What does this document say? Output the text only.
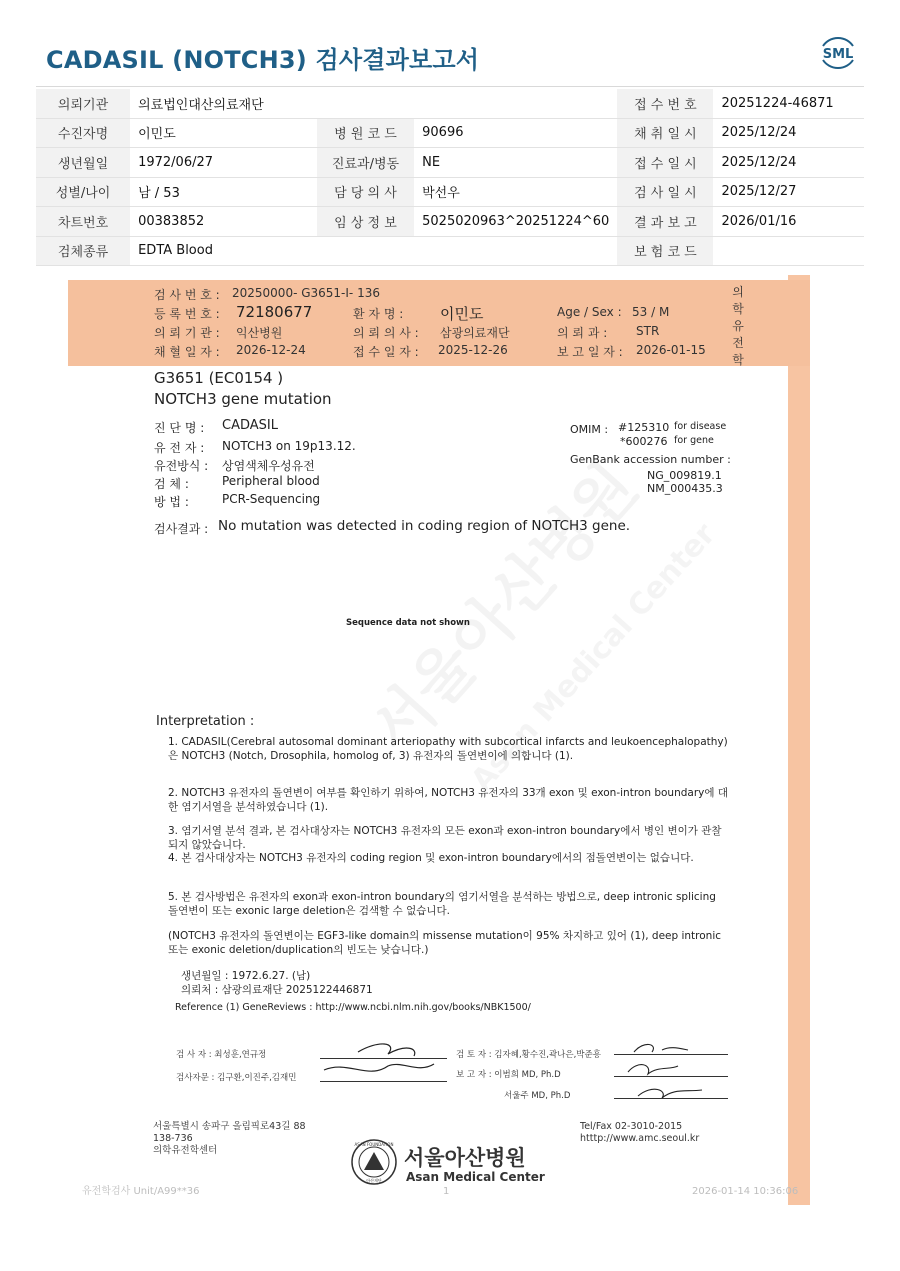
CADASIL (NOTCH3) 검사결과보고서	SML
의뢰기관	의료법인대산의료재단			접 수 번 호	20251224-46871
수진자명	이민도	병 원 코 드	90696	채 취 일 시	2025/12/24
생년월일	1972/06/27	진료과/병동	NE	접 수 일 시	2025/12/24
성별/나이	남 / 53	담 당 의 사	박선우	검 사 일 시	2025/12/27
차트번호	00383852	임 상 정 보	5025020963^20251224^60	결 과 보 고	2026/01/16
검체종류	EDTA Blood			보 험 코 드	
검 사 번 호 : 20250000- G3651-I- 136
등 록 번 호 : 72180677	환 자 명 : 이민도	Age / Sex : 53 / M
의 뢰 기 관 : 익산병원	의 뢰 의 사 : 삼광의료재단	의 뢰 과 : STR
채 혈 일 자 : 2026-12-24	접 수 일 자 : 2025-12-26	보 고 일 자 : 2026-01-15
의
학
유
전
학
G3651 (EC0154 )
NOTCH3 gene mutation
진 단 명 : CADASIL
유 전 자 : NOTCH3 on 19p13.12.
유전방식 : 상염색체우성유전
검 체 :	Peripheral blood
방 법 :	PCR-Sequencing
OMIM : #125310 for disease
*600276 for gene
GenBank accession number :
NG_009819.1
NM_000435.3
검사결과 : No mutation was detected in coding region of NOTCH3 gene.
Sequence data not shown
Interpretation :
1. CADASIL(Cerebral autosomal dominant arteriopathy with subcortical infarcts and leukoencephalopathy)은 NOTCH3 (Notch, Drosophila, homolog of, 3) 유전자의 돌연변이에 의합니다 (1).
2. NOTCH3 유전자의 돌연변이 여부를 확인하기 위하여, NOTCH3 유전자의 33개 exon 및 exon-intron boundary에 대한 염기서열을 분석하였습니다 (1).
3. 염기서열 분석 결과, 본 검사대상자는 NOTCH3 유전자의 모든 exon과 exon-intron boundary에서 병인 변이가 관찰되지 않았습니다.
4. 본 검사대상자는 NOTCH3 유전자의 coding region 및 exon-intron boundary에서의 점돌연변이는 없습니다.
5. 본 검사방법은 유전자의 exon과 exon-intron boundary의 염기서열을 분석하는 방법으로, deep intronic splicing 돌연변이 또는 exonic large deletion은 검색할 수 없습니다.
(NOTCH3 유전자의 돌연변이는 EGF3-like domain의 missense mutation이 95% 차지하고 있어 (1), deep intronic 또는 exonic deletion/duplication의 빈도는 낮습니다.)
생년월일 : 1972.6.27. (남)
의뢰처 : 삼광의료재단 2025122446871
Reference (1) GeneReviews : http://www.ncbi.nlm.nih.gov/books/NBK1500/
검 사 자 : 최성훈,연규정
검사자문 : 김구환,이진주,김재민
검 토 자 : 김자혜,황수진,곽나은,박준흥
보 고 자 : 이범희 MD, Ph.D
서울주 MD, Ph.D
서울특별시 송파구 올림픽로43길 88
138-736
의학유전학센터
Tel/Fax 02-3010-2015
htttp://www.amc.seoul.kr
ASAN FOUNDATION
아산재단
서울아산병원
Asan Medical Center
유전학검사 Unit/A99**36	1	2026-01-14 10:36:06
